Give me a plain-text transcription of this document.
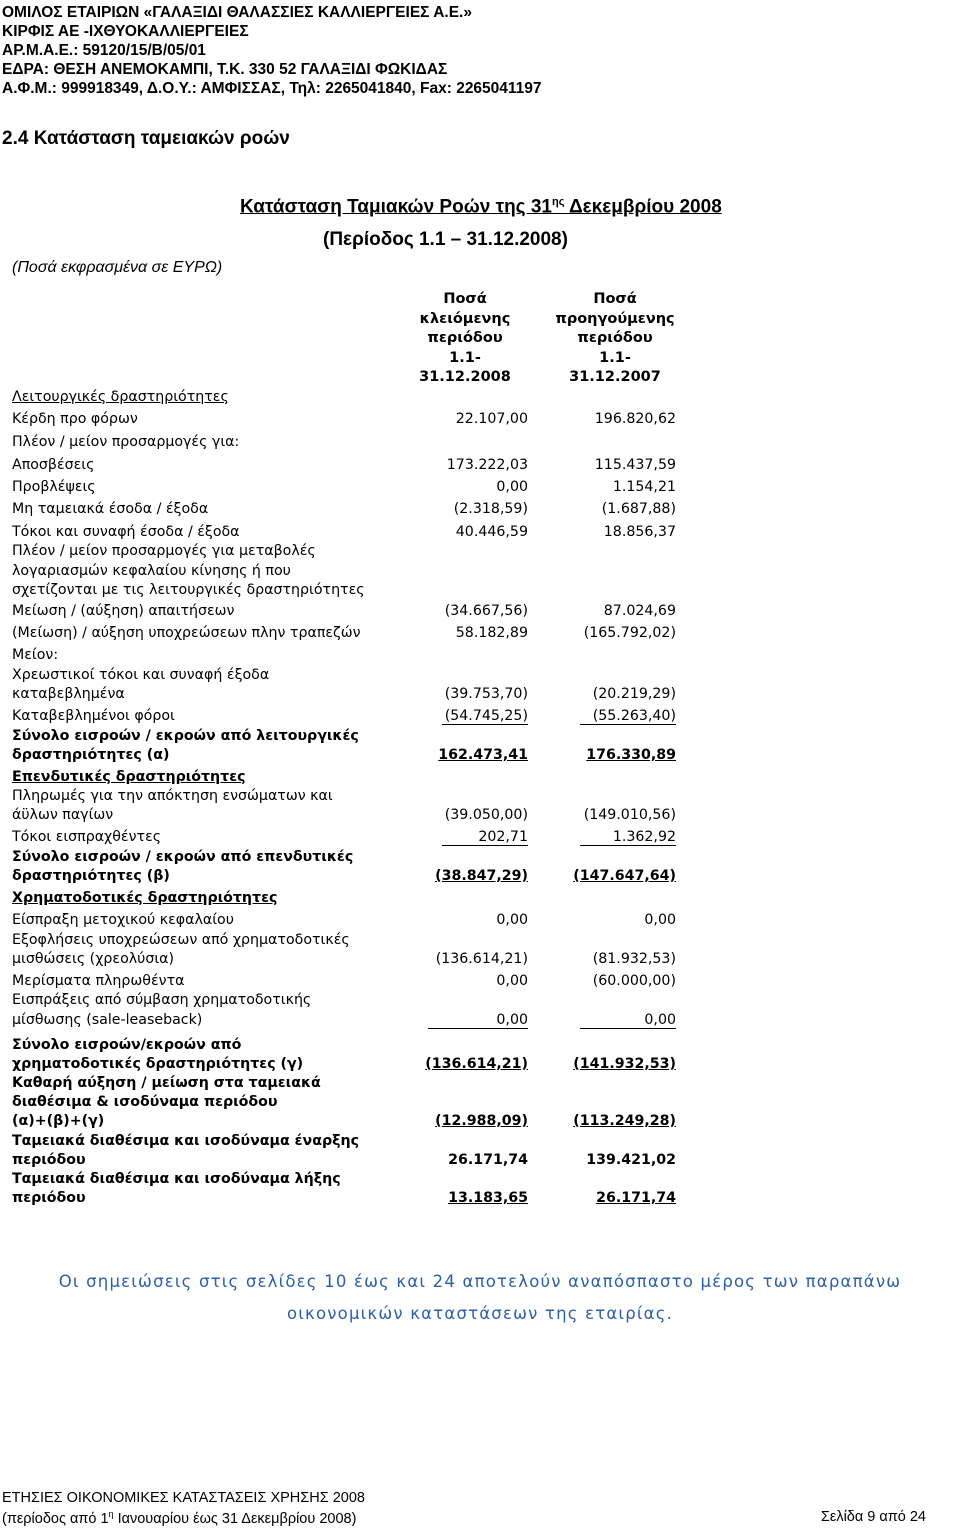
ΟΜΙΛΟΣ ΕΤΑΙΡΙΩΝ «ΓΑΛΑΞΙΔΙ ΘΑΛΑΣΣΙΕΣ ΚΑΛΛΙΕΡΓΕΙΕΣ Α.Ε.»
ΚΙΡΦΙΣ ΑΕ -ΙΧΘΥΟΚΑΛΛΙΕΡΓΕΙΕΣ
ΑΡ.Μ.Α.Ε.: 59120/15/Β/05/01
ΕΔΡΑ: ΘΕΣΗ ΑΝΕΜΟΚΑΜΠΙ, Τ.Κ. 330 52 ΓΑΛΑΞΙΔΙ ΦΩΚΙΔΑΣ
Α.Φ.Μ.: 999918349, Δ.Ο.Υ.: ΑΜΦΙΣΣΑΣ, Τηλ: 2265041840, Fax: 2265041197
2.4 Κατάσταση ταμειακών ροών
Κατάσταση Ταμιακών Ροών της $31^{\eta\varsigma}$ Δεκεμβρίου 2008
(Περίοδος 1.1 – 31.12.2008)
(Ποσά εκφρασμένα σε ΕΥΡΩ)
Ποσά
κλειόμενης
περιόδου
1.1-
31.12.2008
Ποσά
προηγούμενης
περιόδου
1.1-
31.12.2007
Λειτουργικές δραστηριότητες
Κέρδη προ φόρων	22.107,00	196.820,62
Πλέον / μείον προσαρμογές για:
Αποσβέσεις	173.222,03	115.437,59
Προβλέψεις	0,00	1.154,21
Μη ταμειακά έσοδα / έξοδα	(2.318,59)	(1.687,88)
Τόκοι και συναφή έσοδα / έξοδα	40.446,59	18.856,37
Πλέον / μείον προσαρμογές για μεταβολές
λογαριασμών κεφαλαίου κίνησης ή που
σχετίζονται με τις λειτουργικές δραστηριότητες
Μείωση / (αύξηση) απαιτήσεων	(34.667,56)	87.024,69
(Μείωση) / αύξηση υποχρεώσεων πλην τραπεζών	58.182,89	(165.792,02)
Μείον:
Χρεωστικοί τόκοι και συναφή έξοδα
καταβεβλημένα	(39.753,70)	(20.219,29)
Καταβεβλημένοι φόροι	(54.745,25)	(55.263,40)
Σύνολο εισροών / εκροών από λειτουργικές
δραστηριότητες (α)	162.473,41	176.330,89
Επενδυτικές δραστηριότητες
Πληρωμές για την απόκτηση ενσώματων και
άϋλων παγίων	(39.050,00)	(149.010,56)
Τόκοι εισπραχθέντες	202,71	1.362,92
Σύνολο εισροών / εκροών από επενδυτικές
δραστηριότητες (β)	(38.847,29)	(147.647,64)
Χρηματοδοτικές δραστηριότητες
Είσπραξη μετοχικού κεφαλαίου	0,00	0,00
Εξοφλήσεις υποχρεώσεων από χρηματοδοτικές
μισθώσεις (χρεολύσια)	(136.614,21)	(81.932,53)
Μερίσματα πληρωθέντα	0,00	(60.000,00)
Εισπράξεις από σύμβαση χρηματοδοτικής
μίσθωσης (sale-leaseback)	0,00	0,00
Σύνολο εισροών/εκροών από
χρηματοδοτικές δραστηριότητες (γ)	(136.614,21)	(141.932,53)
Καθαρή αύξηση / μείωση στα ταμειακά
διαθέσιμα & ισοδύναμα περιόδου
(α)+(β)+(γ)	(12.988,09)	(113.249,28)
Ταμειακά διαθέσιμα και ισοδύναμα έναρξης
περιόδου	26.171,74	139.421,02
Ταμειακά διαθέσιμα και ισοδύναμα λήξης
περιόδου	13.183,65	26.171,74
Οι σημειώσεις στις σελίδες 10 έως και 24 αποτελούν αναπόσπαστο μέρος των παραπάνω
οικονομικών καταστάσεων της εταιρίας.
ΕΤΗΣΙΕΣ ΟΙΚΟΝΟΜΙΚΕΣ ΚΑΤΑΣΤΑΣΕΙΣ ΧΡΗΣΗΣ 2008
(περίοδος από $1^\eta$ Ιανουαρίου έως 31 Δεκεμβρίου 2008)	Σελίδα 9 από 24
